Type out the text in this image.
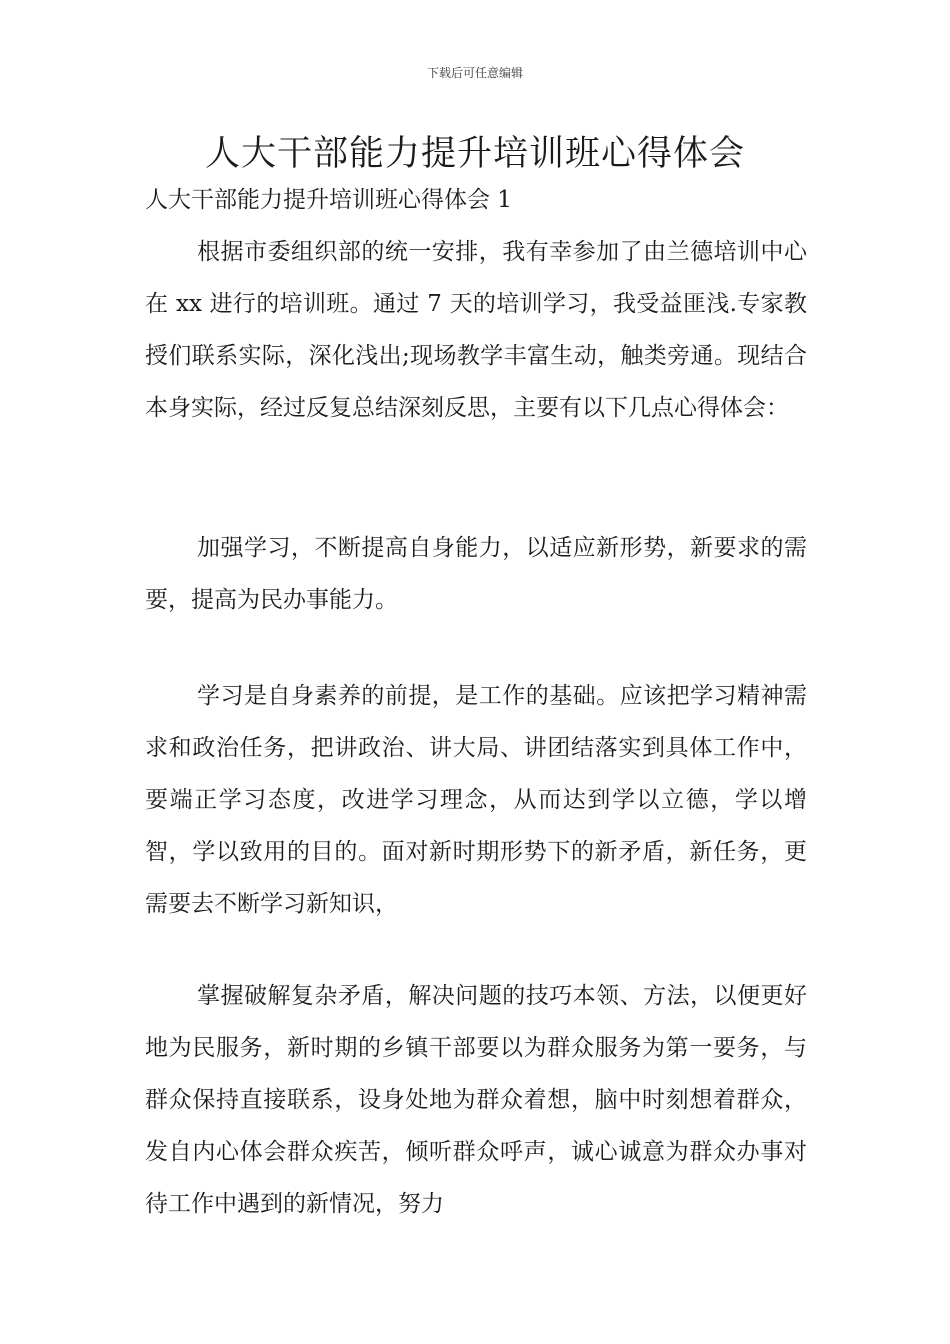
下载后可任意编辑
人大干部能力提升培训班心得体会
人大干部能力提升培训班心得体会 1

根据市委组织部的统一安排，我有幸参加了由兰德培训中心在 xx 进行的培训班。通过 7 天的培训学习，我受益匪浅.专家教授们联系实际，深化浅出;现场教学丰富生动，触类旁通。现结合本身实际，经过反复总结深刻反思，主要有以下几点心得体会：

加强学习，不断提高自身能力，以适应新形势，新要求的需要，提高为民办事能力。

学习是自身素养的前提，是工作的基础。应该把学习精神需求和政治任务，把讲政治、讲大局、讲团结落实到具体工作中，要端正学习态度，改进学习理念，从而达到学以立德，学以增智，学以致用的目的。面对新时期形势下的新矛盾，新任务，更需要去不断学习新知识，

掌握破解复杂矛盾，解决问题的技巧本领、方法，以便更好地为民服务，新时期的乡镇干部要以为群众服务为第一要务，与群众保持直接联系，设身处地为群众着想，脑中时刻想着群众，发自内心体会群众疾苦，倾听群众呼声，诚心诚意为群众办事对待工作中遇到的新情况，努力
